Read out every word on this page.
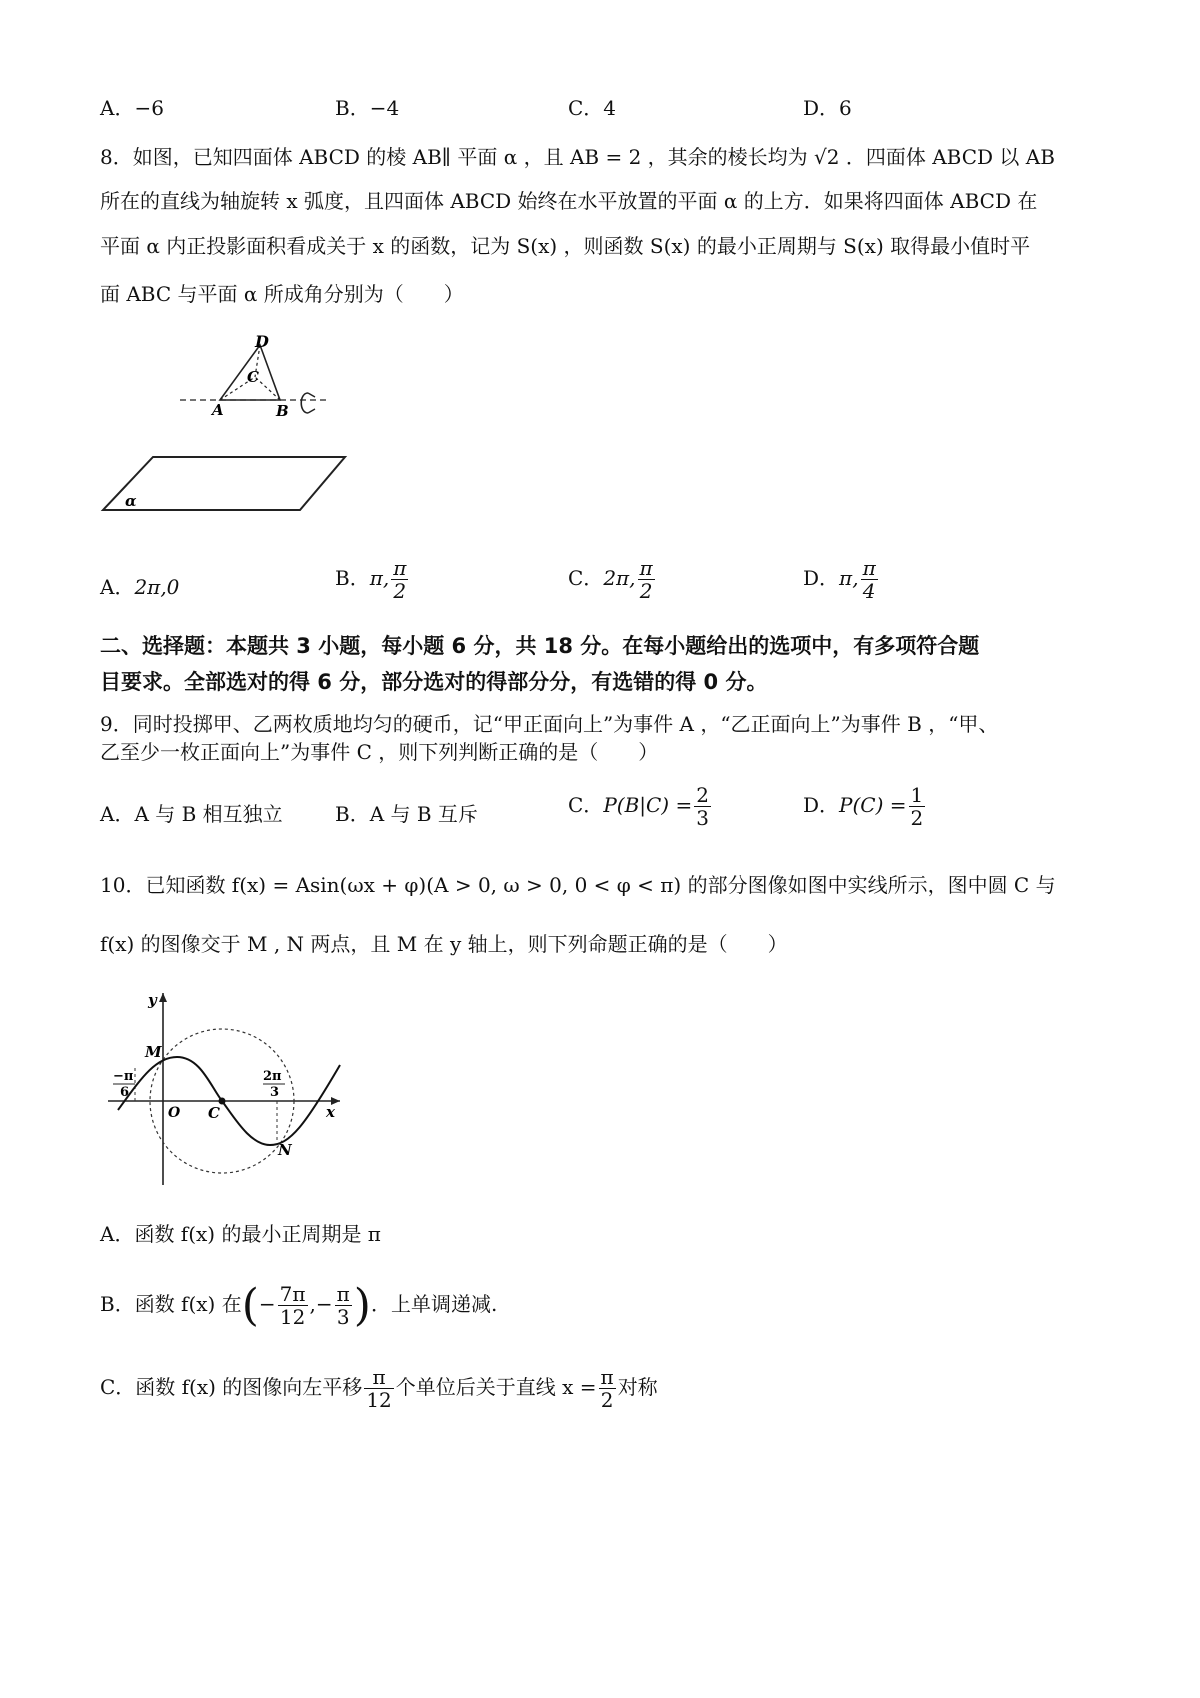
A．−6	B．−4	C．4	D．6
8．如图，已知四面体 ABCD 的棱 AB∥ 平面 α ，且 AB = 2 ，其余的棱长均为 √2 ．四面体 ABCD 以 AB
所在的直线为轴旋转 x 弧度，且四面体 ABCD 始终在水平放置的平面 α 的上方．如果将四面体 ABCD 在
平面 α 内正投影面积看成关于 x 的函数，记为 S(x) ，则函数 S(x) 的最小正周期与 S(x) 取得最小值时平
面 ABC 与平面 α 所成角分别为（　　）
D
C
A	B
α
A．2π,0	B．π, $\frac{\pi}{2}$	C．2π, $\frac{\pi}{2}$	D．π, $\frac{\pi}{4}$
二、选择题：本题共 3 小题，每小题 6 分，共 18 分。在每小题给出的选项中，有多项符合题
目要求。全部选对的得 6 分，部分选对的得部分分，有选错的得 0 分。
9．同时投掷甲、乙两枚质地均匀的硬币，记“甲正面向上”为事件 A ，“乙正面向上”为事件 B ，“甲、
乙至少一枚正面向上”为事件 C ，则下列判断正确的是（　　）
A．A 与 B 相互独立	B．A 与 B 互斥	C．$P(B|C) = \frac{2}{3}$	D．$P(C) = \frac{1}{2}$
10．已知函数 f(x) = Asin(ωx + φ)(A > 0, ω > 0, 0 < φ < π) 的部分图像如图中实线所示，图中圆 C 与
f(x) 的图像交于 M , N 两点，且 M 在 y 轴上，则下列命题正确的是（　　）
y
x
M
O C
N
−π
6
2π
3
A．函数 f(x) 的最小正周期是 π
B．函数 f(x) 在(− $\frac{7\pi}{12}$ ,− $\frac{\pi}{3}$ )．上单调递减.
C．函数 f(x) 的图像向左平移 $\frac{\pi}{12}$ 个单位后关于直线 $x = \frac{\pi}{2}$ 对称
